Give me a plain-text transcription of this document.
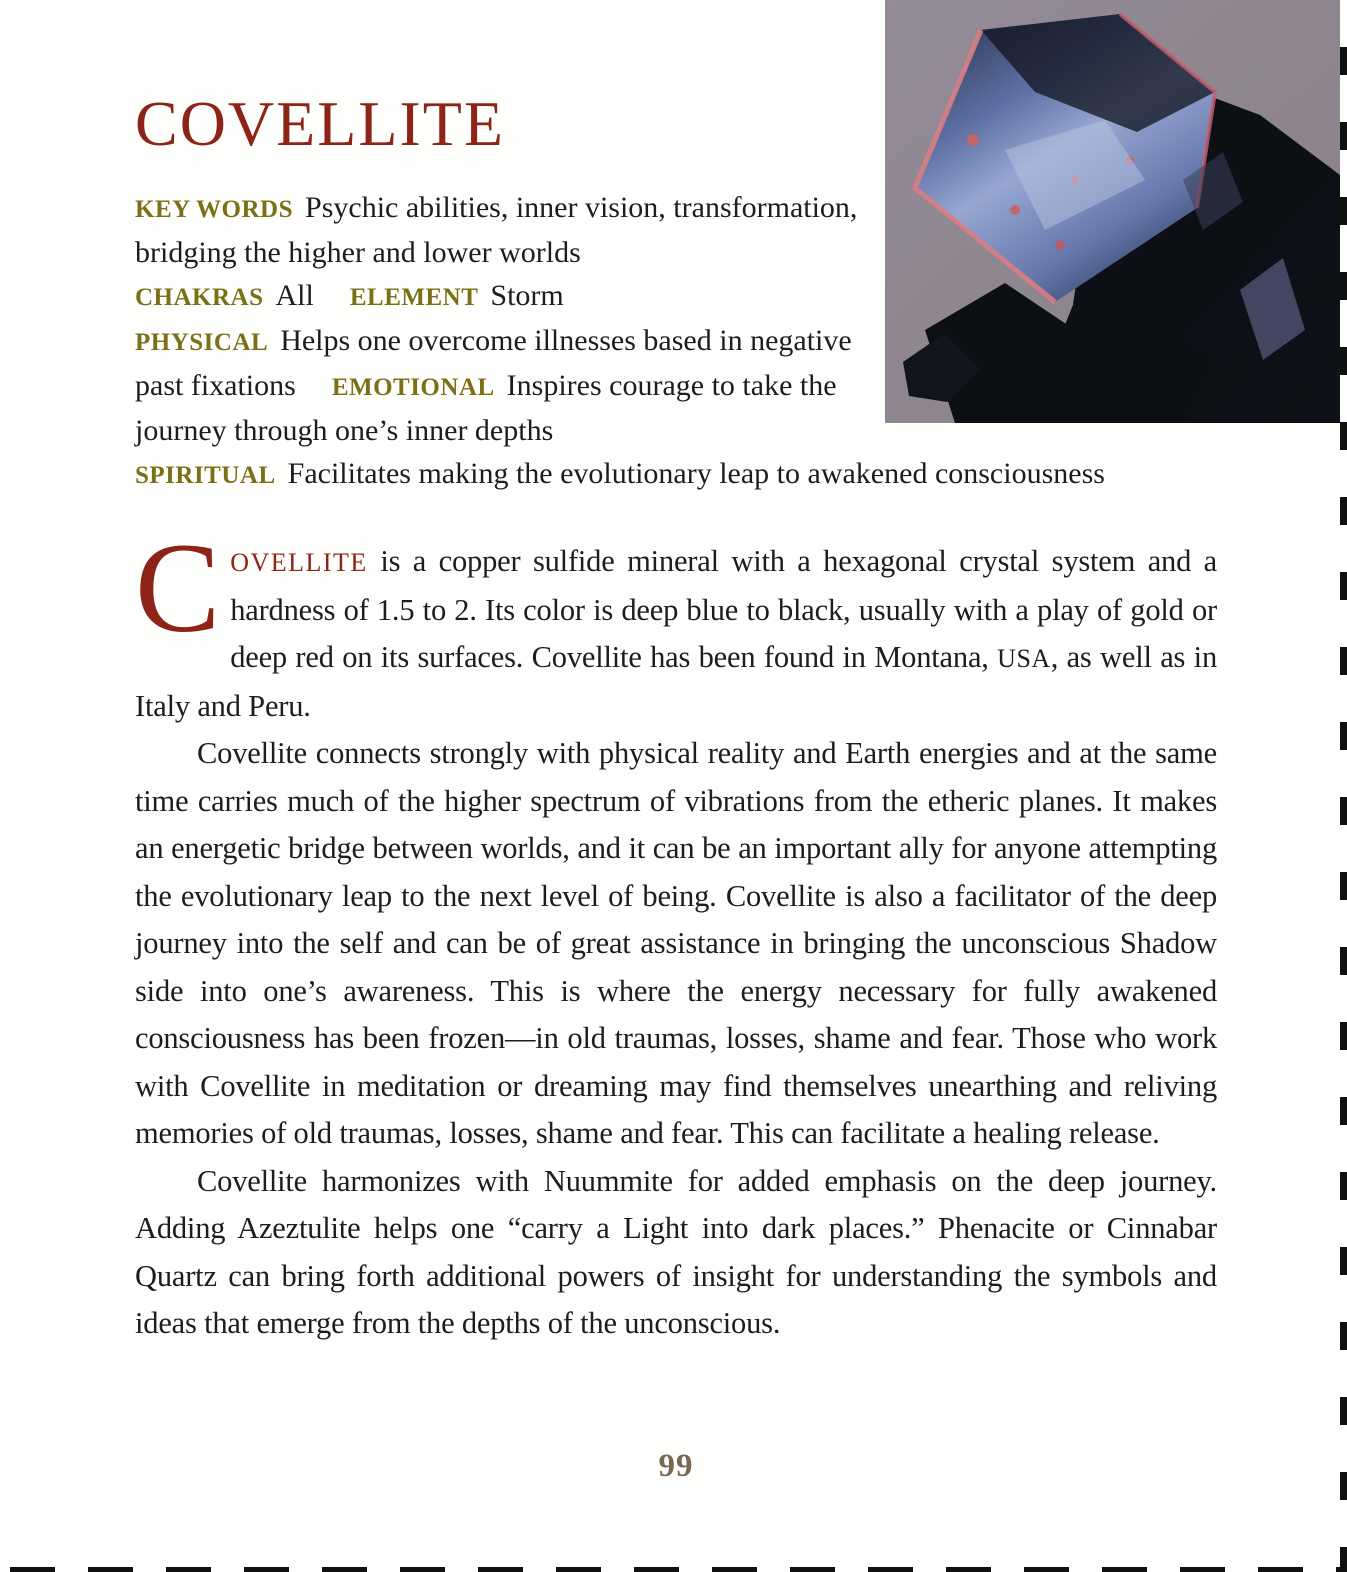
COVELLITE

KEY WORDS Psychic abilities, inner vision, transformation, bridging the higher and lower worlds

CHAKRAS All ELEMENT Storm

PHYSICAL Helps one overcome illnesses based in negative past fixations EMOTIONAL Inspires courage to take the journey through one’s inner depths

SPIRITUAL Facilitates making the evolutionary leap to awakened consciousness

COVELLITE is a copper sulfide mineral with a hexagonal crystal system and a hardness of 1.5 to 2. Its color is deep blue to black, usually with a play of gold or deep red on its surfaces. Covellite has been found in Montana, USA, as well as in Italy and Peru.

Covellite connects strongly with physical reality and Earth energies and at the same time carries much of the higher spectrum of vibrations from the etheric planes. It makes an energetic bridge between worlds, and it can be an important ally for anyone attempting the evolutionary leap to the next level of being. Covellite is also a facilitator of the deep journey into the self and can be of great assistance in bringing the unconscious Shadow side into one’s awareness. This is where the energy necessary for fully awakened consciousness has been frozen—in old traumas, losses, shame and fear. Those who work with Covellite in meditation or dreaming may find themselves unearthing and reliving memories of old traumas, losses, shame and fear. This can facilitate a healing release.

Covellite harmonizes with Nuummite for added emphasis on the deep journey. Adding Azeztulite helps one “carry a Light into dark places.” Phenacite or Cinnabar Quartz can bring forth additional powers of insight for understanding the symbols and ideas that emerge from the depths of the unconscious.

99
